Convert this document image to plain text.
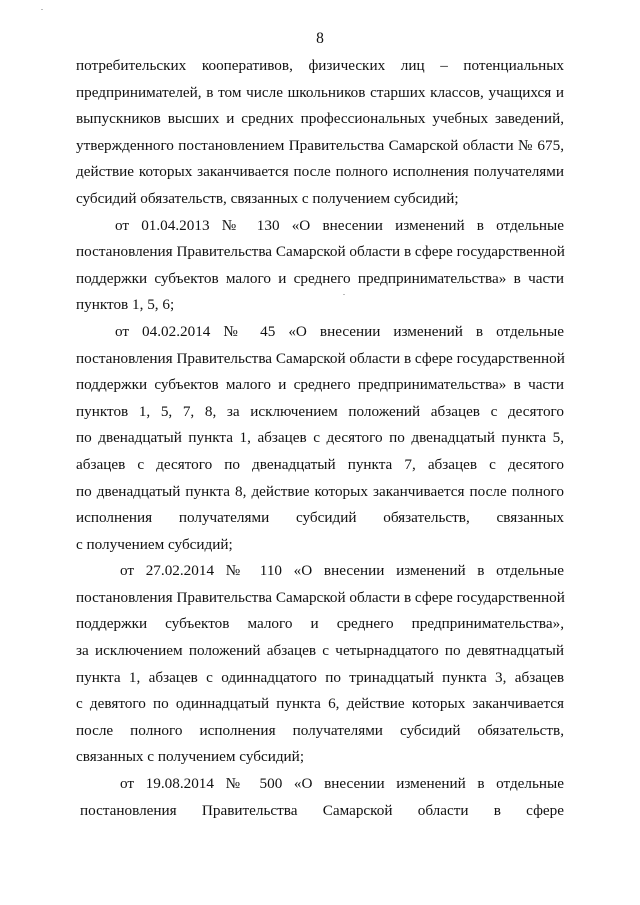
8
потребительских кооперативов, физических лиц – потенциальных
предпринимателей, в том числе школьников старших классов, учащихся и
выпускников высших и средних профессиональных учебных заведений,
утвержденного постановлением Правительства Самарской области № 675,
действие которых заканчивается после полного исполнения получателями
субсидий обязательств, связанных с получением субсидий;
от 01.04.2013 № 130 «О внесении изменений в отдельные
постановления Правительства Самарской области в сфере государственной
поддержки субъектов малого и среднего предпринимательства» в части
пунктов 1, 5, 6;
от 04.02.2014 № 45 «О внесении изменений в отдельные
постановления Правительства Самарской области в сфере государственной
поддержки субъектов малого и среднего предпринимательства» в части
пунктов 1, 5, 7, 8, за исключением положений абзацев с десятого
по двенадцатый пункта 1, абзацев с десятого по двенадцатый пункта 5,
абзацев с десятого по двенадцатый пункта 7, абзацев с десятого
по двенадцатый пункта 8, действие которых заканчивается после полного
исполнения получателями субсидий обязательств, связанных
с получением субсидий;
от 27.02.2014 № 110 «О внесении изменений в отдельные
постановления Правительства Самарской области в сфере государственной
поддержки субъектов малого и среднего предпринимательства»,
за исключением положений абзацев с четырнадцатого по девятнадцатый
пункта 1, абзацев с одиннадцатого по тринадцатый пункта 3, абзацев
с девятого по одиннадцатый пункта 6, действие которых заканчивается
после полного исполнения получателями субсидий обязательств,
связанных с получением субсидий;
от 19.08.2014 № 500 «О внесении изменений в отдельные
постановления Правительства Самарской области в сфере
